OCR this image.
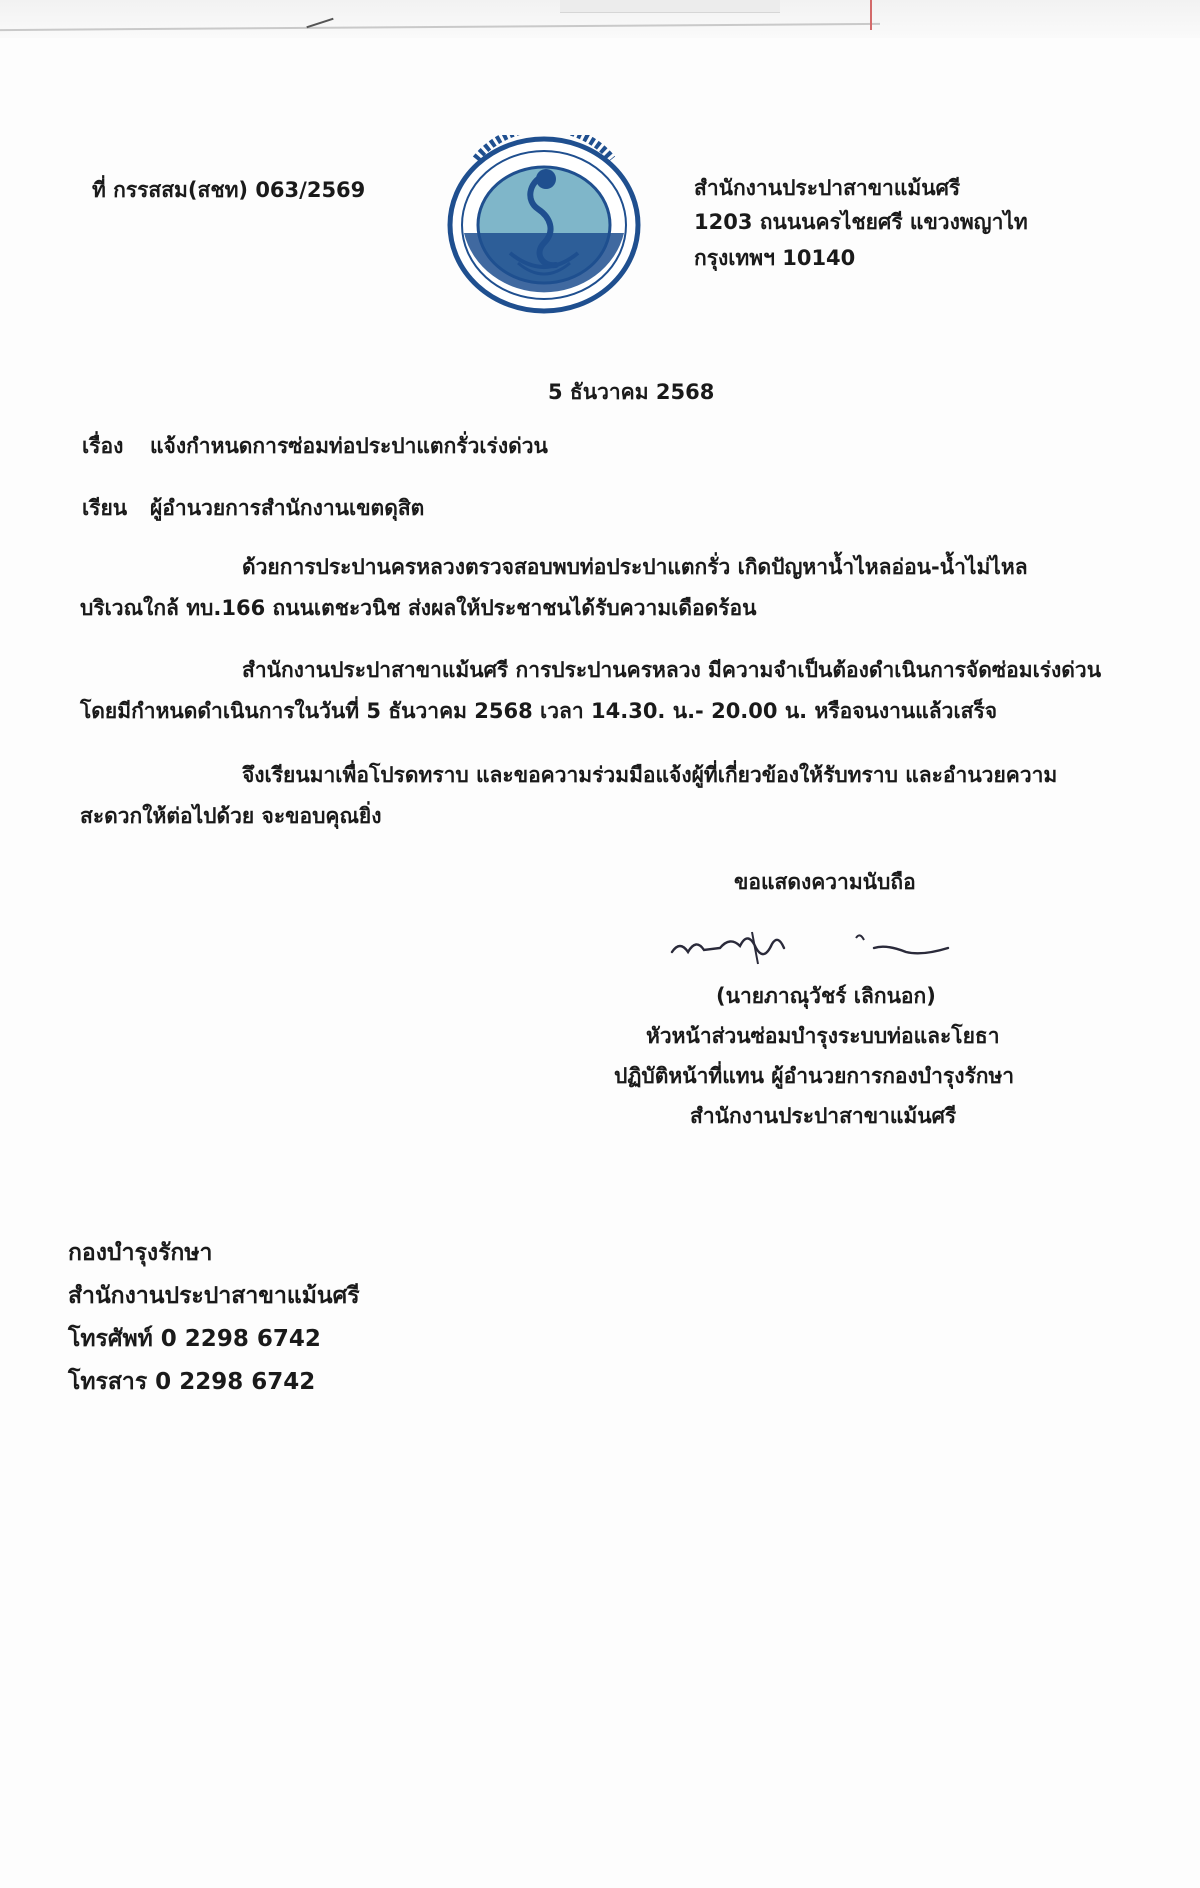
ที่ กรรสสม(สชท) 063/2569	สำนักงานประปาสาขาแม้นศรี
1203 ถนนนครไชยศรี แขวงพญาไท
กรุงเทพฯ 10140
5 ธันวาคม 2568
เรื่อง แจ้งกำหนดการซ่อมท่อประปาแตกรั่วเร่งด่วน
เรียน ผู้อำนวยการสำนักงานเขตดุสิต
ด้วยการประปานครหลวงตรวจสอบพบท่อประปาแตกรั่ว เกิดปัญหาน้ำไหลอ่อน-น้ำไม่ไหล
บริเวณใกล้ ทบ.166 ถนนเตชะวนิช ส่งผลให้ประชาชนได้รับความเดือดร้อน
สำนักงานประปาสาขาแม้นศรี การประปานครหลวง มีความจำเป็นต้องดำเนินการจัดซ่อมเร่งด่วน
โดยมีกำหนดดำเนินการในวันที่ 5 ธันวาคม 2568 เวลา 14.30. น.- 20.00 น. หรือจนงานแล้วเสร็จ
จึงเรียนมาเพื่อโปรดทราบ และขอความร่วมมือแจ้งผู้ที่เกี่ยวข้องให้รับทราบ และอำนวยความ
สะดวกให้ต่อไปด้วย จะขอบคุณยิ่ง
ขอแสดงความนับถือ
(นายภาณุวัชร์ เลิกนอก)
หัวหน้าส่วนซ่อมบำรุงระบบท่อและโยธา
ปฏิบัติหน้าที่แทน ผู้อำนวยการกองบำรุงรักษา
สำนักงานประปาสาขาแม้นศรี
กองบำรุงรักษา
สำนักงานประปาสาขาแม้นศรี
โทรศัพท์ 0 2298 6742
โทรสาร 0 2298 6742
